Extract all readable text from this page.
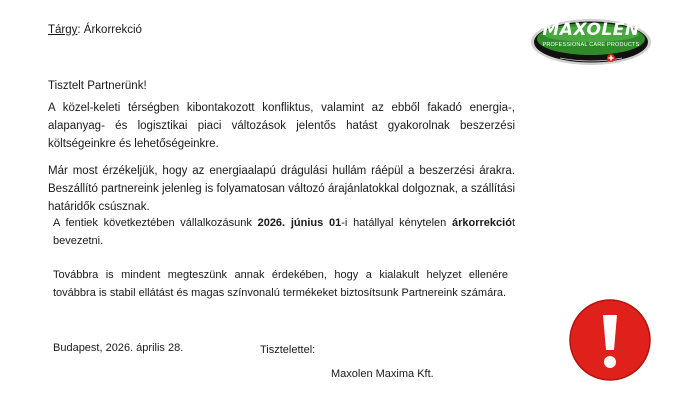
Tárgy: Árkorrekció	MAXOLEN
PROFESSIONAL CARE PRODUCTS
Tisztelt Partnerünk!
A közel-keleti térségben kibontakozott konfliktus, valamint az ebből fakadó energia-, alapanyag- és logisztikai piaci változások jelentős hatást gyakorolnak beszerzési költségeinkre és lehetőségeinkre.
Már most érzékeljük, hogy az energiaalapú drágulási hullám ráépül a beszerzési árakra. Beszállító partnereink jelenleg is folyamatosan változó árajánlatokkal dolgoznak, a szállítási határidők csúsznak.
A fentiek következtében vállalkozásunk 2026. június 01-i hatállyal kénytelen árkorrekciót bevezetni.
Továbbra is mindent megteszünk annak érdekében, hogy a kialakult helyzet ellenére továbbra is stabil ellátást és magas színvonalú termékeket biztosítsunk Partnereink számára.
Budapest, 2026. április 28.	Tisztelettel:
Maxolen Maxima Kft.
